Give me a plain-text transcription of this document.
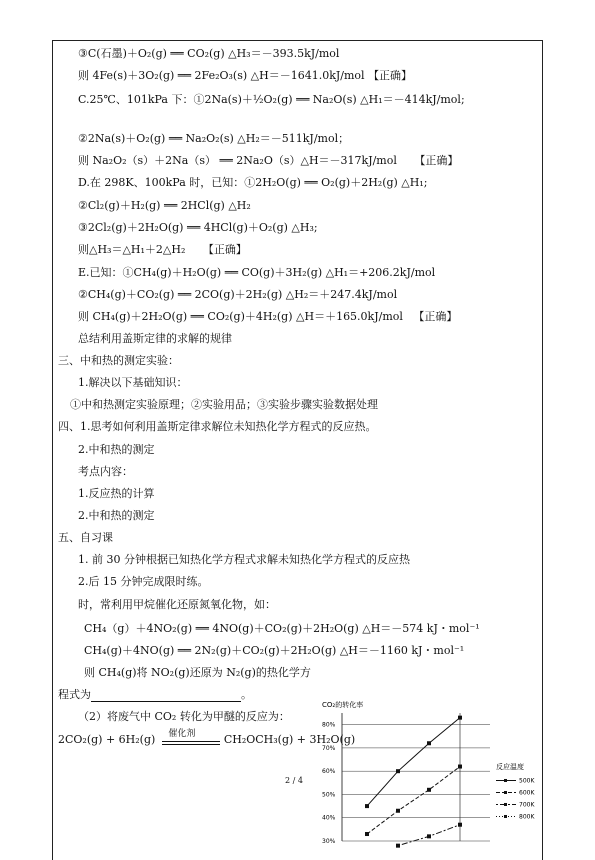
③C(石墨)＋O₂(g) ══ CO₂(g) △H₃＝－393.5kJ/mol
则 4Fe(s)＋3O₂(g) ══ 2Fe₂O₃(s) △H＝－1641.0kJ/mol 【正确】
C.25℃、101kPa 下：①2Na(s)＋½O₂(g) ══ Na₂O(s) △H₁＝－414kJ/mol;
②2Na(s)＋O₂(g) ══ Na₂O₂(s) △H₂＝－511kJ/mol；
则 Na₂O₂（s）＋2Na（s） ══ 2Na₂O（s）△H＝－317kJ/mol 【正确】
D.在 298K、100kPa 时，已知：①2H₂O(g) ══ O₂(g)＋2H₂(g) △H₁;
②Cl₂(g)＋H₂(g) ══ 2HCl(g) △H₂
③2Cl₂(g)＋2H₂O(g) ══ 4HCl(g)＋O₂(g) △H₃;
则△H₃＝△H₁＋2△H₂ 【正确】
E.已知：①CH₄(g)＋H₂O(g) ══ CO(g)＋3H₂(g) △H₁＝+206.2kJ/mol
②CH₄(g)＋CO₂(g) ══ 2CO(g)＋2H₂(g) △H₂＝＋247.4kJ/mol
则 CH₄(g)＋2H₂O(g) ══ CO₂(g)＋4H₂(g) △H＝＋165.0kJ/mol 【正确】
总结利用盖斯定律的求解的规律
三、中和热的测定实验：
1.解决以下基础知识：
①中和热测定实验原理；②实验用品；③实验步骤实验数据处理
四、1.思考如何利用盖斯定律求解位未知热化学方程式的反应热。
2.中和热的测定
考点内容：
1.反应热的计算
2.中和热的测定
五、自习课
1. 前 30 分钟根据已知热化学方程式求解未知热化学方程式的反应热
2.后 15 分钟完成限时练。
时，常利用甲烷催化还原氮氧化物，如：
CH₄（g）＋4NO₂(g) ══ 4NO(g)＋CO₂(g)＋2H₂O(g) △H＝－574 kJ・mol⁻¹
CH₄(g)＋4NO(g) ══ 2N₂(g)＋CO₂(g)＋2H₂O(g) △H＝－1160 kJ・mol⁻¹
则 CH₄(g)将 NO₂(g)还原为 N₂(g)的热化学方
程式为	。
（2）将废气中 CO₂ 转化为甲醚的反应为：
2CO₂(g) + 6H₂(g) 催化剂	CH₂OCH₃(g) + 3H₂O(g)
2 / 4
CO₂的转化率
80%
70%
60%
50%
40%
30%
反应温度
500K
600K
700K
800K
